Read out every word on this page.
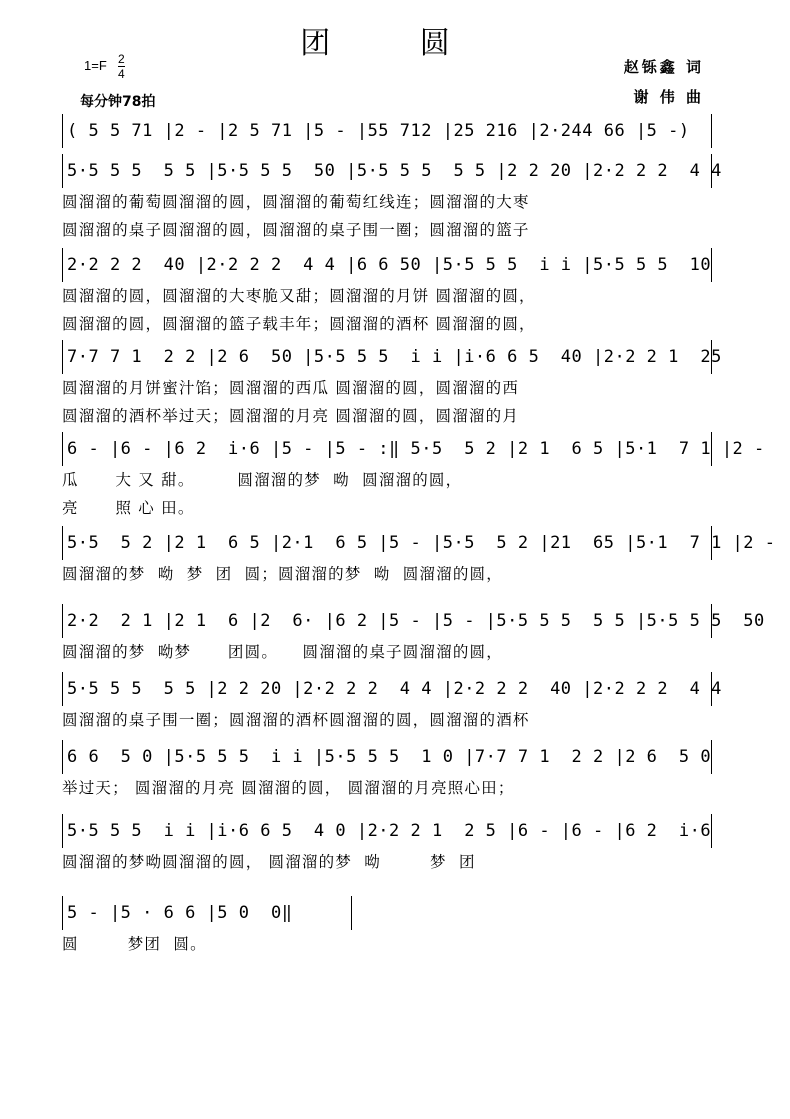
团 圆
1=F 2
4
每分钟78拍
赵铄鑫 词
谢 伟 曲
( 5 5 71 |2 - |2 5 71 |5 - |55 712 |25 216 |2·244 66 |5 -)
5·5 5 5  5 5 |5·5 5 5  50 |5·5 5 5  5 5 |2 2 20 |2·2 2 2  4 4
圆溜溜的葡萄圆溜溜的圆，圆溜溜的葡萄红线连；圆溜溜的大枣
圆溜溜的桌子圆溜溜的圆，圆溜溜的桌子围一圈；圆溜溜的篮子
2·2 2 2  40 |2·2 2 2  4 4 |6 6 50 |5·5 5 5  i i |5·5 5 5  10
圆溜溜的圆，圆溜溜的大枣脆又甜；圆溜溜的月饼 圆溜溜的圆，
圆溜溜的圆，圆溜溜的篮子载丰年；圆溜溜的酒杯 圆溜溜的圆，
7·7 7 1  2 2 |2 6  50 |5·5 5 5  i i |i·6 6 5  40 |2·2 2 1  25
圆溜溜的月饼蜜汁馅；圆溜溜的西瓜 圆溜溜的圆，圆溜溜的西
圆溜溜的酒杯举过天；圆溜溜的月亮 圆溜溜的圆，圆溜溜的月
6 - |6 - |6 2  i·6 |5 - |5 - :‖ 5·5  5 2 |2 1  6 5 |5·1  7 1 |2 -
瓜      大 又 甜。       圆溜溜的梦  呦  圆溜溜的圆，
亮      照 心 田。
5·5  5 2 |2 1  6 5 |2·1  6 5 |5 - |5·5  5 2 |21  65 |5·1  7 1 |2 -
圆溜溜的梦  呦  梦  团  圆；圆溜溜的梦  呦  圆溜溜的圆，
2·2  2 1 |2 1  6 |2  6· |6 2 |5 - |5 - |5·5 5 5  5 5 |5·5 5 5  50
圆溜溜的梦  呦梦      团圆。    圆溜溜的桌子圆溜溜的圆，
5·5 5 5  5 5 |2 2 20 |2·2 2 2  4 4 |2·2 2 2  40 |2·2 2 2  4 4
圆溜溜的桌子围一圈；圆溜溜的酒杯圆溜溜的圆，圆溜溜的酒杯
6 6  5 0 |5·5 5 5  i i |5·5 5 5  1 0 |7·7 7 1  2 2 |2 6  5 0
举过天； 圆溜溜的月亮 圆溜溜的圆， 圆溜溜的月亮照心田；
5·5 5 5  i i |i·6 6 5  4 0 |2·2 2 1  2 5 |6 - |6 - |6 2  i·6
圆溜溜的梦呦圆溜溜的圆， 圆溜溜的梦  呦        梦  团
5 - |5 · 6 6 |5 0  0‖
圆        梦团  圆。
